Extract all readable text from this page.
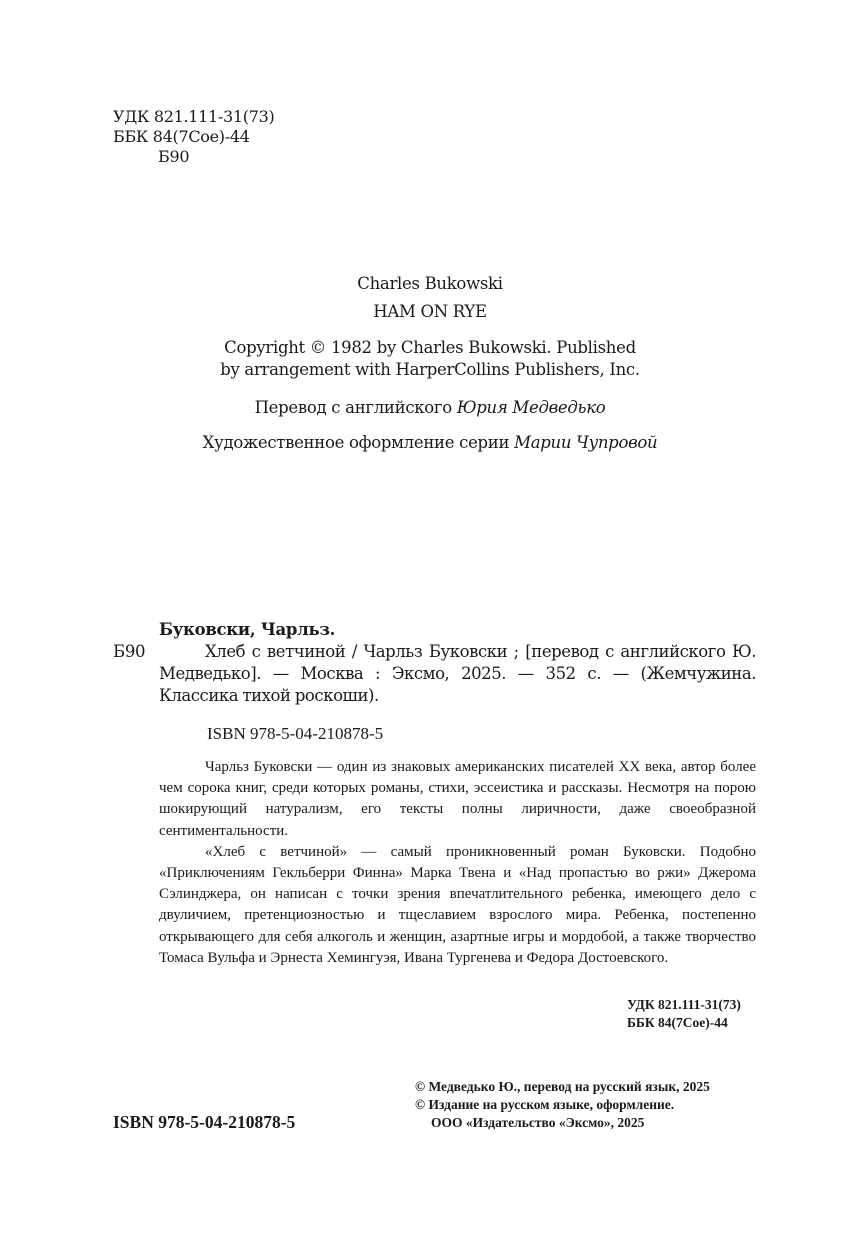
УДК 821.111-31(73)
ББК 84(7Сое)-44
Б90
Charles Bukowski
HAM ON RYE
Copyright © 1982 by Charles Bukowski. Published
by arrangement with HarperCollins Publishers, Inc.
Перевод с английского Юрия Медведько
Художественное оформление серии Марии Чупровой
Буковски, Чарльз.
Б90	Хлеб с ветчиной / Чарльз Буковски ; [перевод с английского Ю. Медведько]. — Москва : Эксмо, 2025. — 352 с. — (Жемчужина. Классика тихой роскоши).
ISBN 978-5-04-210878-5

Чарльз Буковски — один из знаковых американских писателей XX века, автор более чем сорока книг, среди которых романы, стихи, эссеистика и рассказы. Несмотря на порою шокирующий натурализм, его тексты полны лиричности, даже своеобразной сентиментальности.

«Хлеб с ветчиной» — самый проникновенный роман Буковски. Подобно «Приключениям Гекльберри Финна» Марка Твена и «Над пропастью во ржи» Джерома Сэлинджера, он написан с точки зрения впечатлительного ребенка, имеющего дело с двуличием, претенциозностью и тщеславием взрослого мира. Ребенка, постепенно открывающего для себя алкоголь и женщин, азартные игры и мордобой, а также творчество Томаса Вульфа и Эрнеста Хемингуэя, Ивана Тургенева и Федора Достоевского.

УДК 821.111-31(73)
ББК 84(7Сое)-44
© Медведько Ю., перевод на русский язык, 2025
© Издание на русском языке, оформление.
ООО «Издательство «Эксмо», 2025
ISBN 978-5-04-210878-5
